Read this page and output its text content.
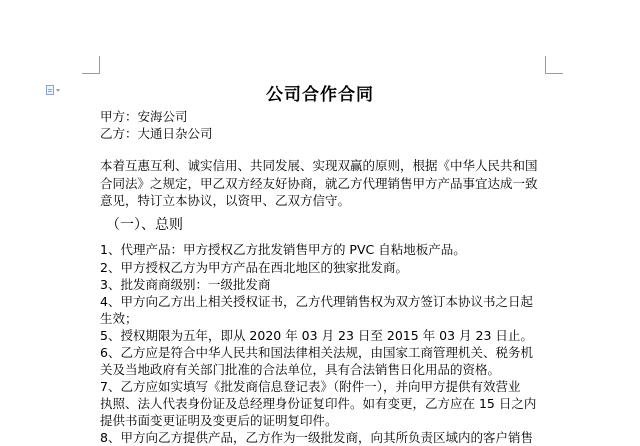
公司合作合同
甲方：安海公司
乙方：大通日杂公司
本着互惠互利、诚实信用、共同发展、实现双赢的原则，根据《中华人民共和国
合同法》之规定，甲乙双方经友好协商，就乙方代理销售甲方产品事宜达成一致
意见，特订立本协议，以资甲、乙双方信守。
（一）、总则
1、代理产品：甲方授权乙方批发销售甲方的 PVC 自粘地板产品。
2、甲方授权乙方为甲方产品在西北地区的独家批发商。
3、批发商商级别：一级批发商
4、甲方向乙方出上相关授权证书，乙方代理销售权为双方签订本协议书之日起
生效；
5、授权期限为五年，即从 2020 年 03 月 23 日至 2015 年 03 月 23 日止。
6、乙方应是符合中华人民共和国法律相关法规，由国家工商管理机关、税务机
关及当地政府有关部门批准的合法单位，具有合法销售日化用品的资格。
7、乙方应如实填写《批发商信息登记表》（附件一），并向甲方提供有效营业
执照、法人代表身份证及总经理身份证复印件。如有变更，乙方应在 15 日之内
提供书面变更证明及变更后的证明复印件。
8、甲方向乙方提供产品，乙方作为一级批发商，向其所负责区域内的客户销售
